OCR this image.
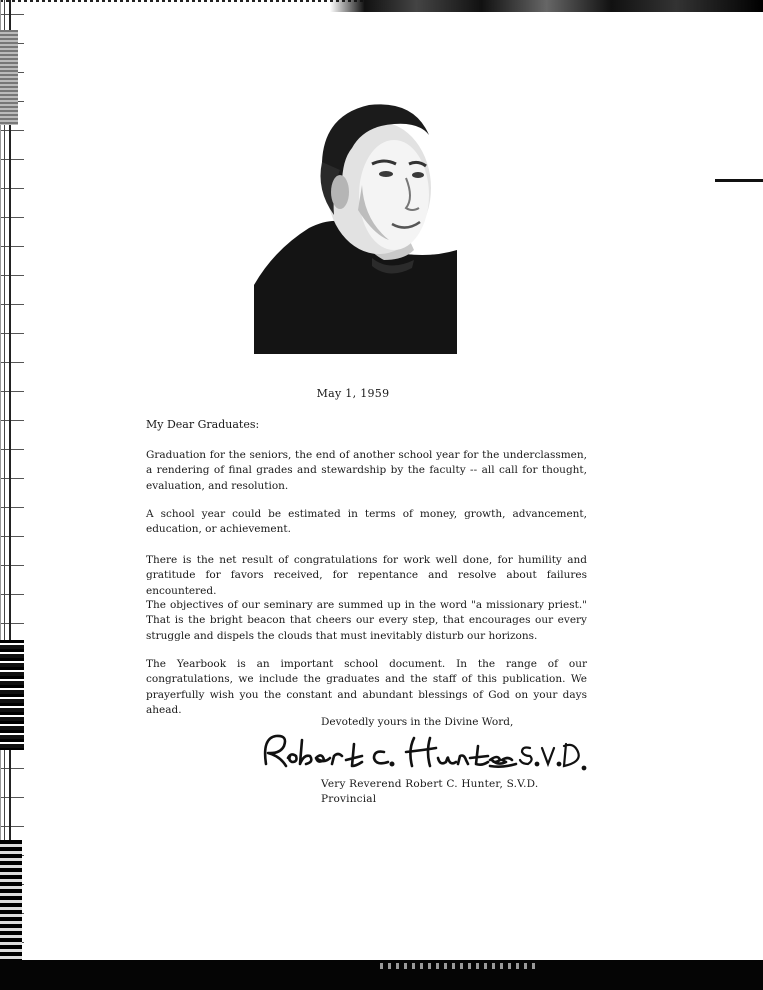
May 1, 1959
My Dear Graduates:
Graduation for the seniors, the end of another school year for the underclassmen, a rendering of final grades and stewardship by the faculty -- all call for thought, evaluation, and resolution.
A school year could be estimated in terms of money, growth, advancement, education, or achievement.
There is the net result of congratulations for work well done, for humility and gratitude for favors received, for repentance and resolve about failures encountered.
The objectives of our seminary are summed up in the word "a missionary priest." That is the bright beacon that cheers our every step, that encourages our every struggle and dispels the clouds that must inevitably disturb our horizons.
The Yearbook is an important school document. In the range of our congratulations, we include the graduates and the staff of this publication. We prayerfully wish you the constant and abundant blessings of God on your days ahead.
Devotedly yours in the Divine Word,
Very Reverend Robert C. Hunter, S.V.D.
Provincial
